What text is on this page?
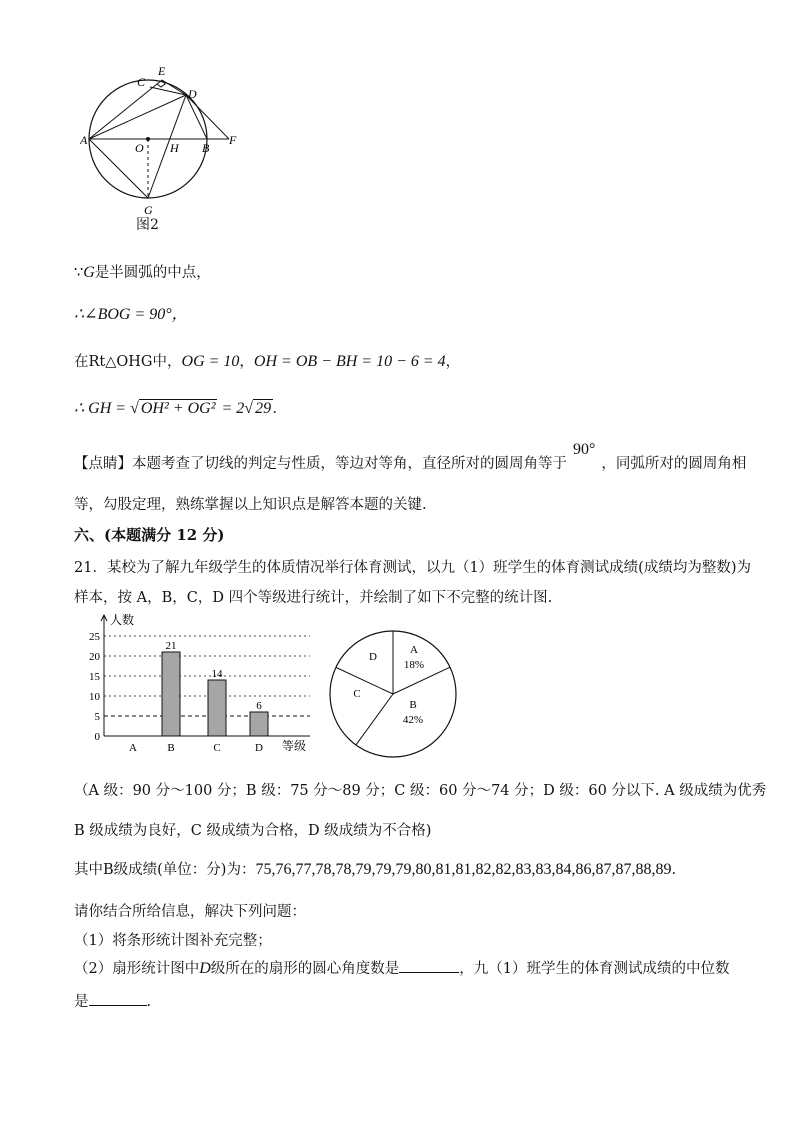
E
C
D
A
O H B
F
G
图2
∵G是半圆弧的中点，
∴∠BOG = 90°，
在Rt△OHG中，OG = 10，OH = OB − BH = 10 − 6 = 4，
∴ GH = √ OH² + OG² = 2√ 29 .
【点睛】本题考查了切线的判定与性质，等边对等角，直径所对的圆周角等于90°，同弧所对的圆周角相
等，勾股定理，熟练掌握以上知识点是解答本题的关键.
六、(本题满分 12 分)
21．某校为了解九年级学生的体质情况举行体育测试，以九（1）班学生的体育测试成绩(成绩均为整数)为
样本，按 A，B，C，D 四个等级进行统计，并绘制了如下不完整的统计图.
0
5
10
15
20
25
人数
等级
A	B
21
C
14
D
6
A
18%
B
42%
C
D
（A 级：90 分～100 分；B 级：75 分～89 分；C 级：60 分～74 分；D 级：60 分以下. A 级成绩为优秀
B 级成绩为良好，C 级成绩为合格，D 级成绩为不合格)
其中B级成绩(单位：分)为：75,76,77,78,78,79,79,79,80,81,81,82,82,83,83,84,86,87,87,88,89.
请你结合所给信息，解决下列问题：
（1）将条形统计图补充完整；
（2）扇形统计图中D级所在的扇形的圆心角度数是	，九（1）班学生的体育测试成绩的中位数
是	.
